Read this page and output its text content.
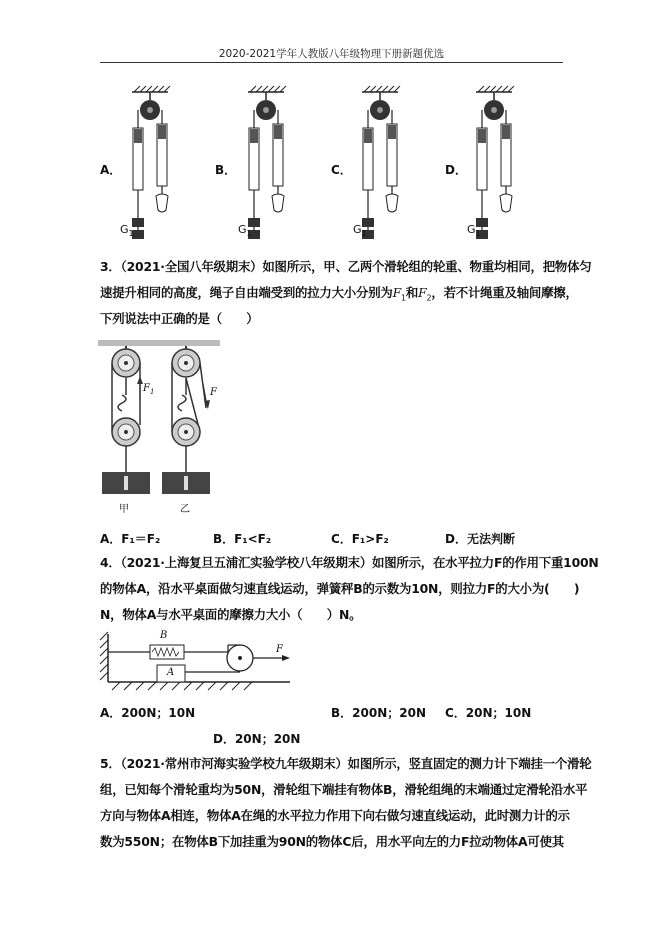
2020-2021学年人教版八年级物理下册新题优选
A．	B．	C．	D．
$G_1$	$G_1$	$G_1$	$G_1$
3．（2021·全国八年级期末）如图所示，甲、乙两个滑轮组的轮重、物重均相同，把物体匀
速提升相同的高度，绳子自由端受到的拉力大小分别为$F_1$和$F_2$，若不计绳重及轴间摩擦，
下列说法中正确的是（　　）
$F_1$	F
甲	乙
A．F₁＝F₂	B．F₁<F₂	C．F₁>F₂	D．无法判断
4．（2021·上海复旦五浦汇实验学校八年级期末）如图所示，在水平拉力F的作用下重100N
的物体A，沿水平桌面做匀速直线运动，弹簧秤B的示数为10N，则拉力F的大小为(　　)
N，物体A与水平桌面的摩擦力大小（　　）N。
B
A
F
A．200N；10N	B．200N；20N C．20N；10N
D．20N；20N
5．（2021·常州市河海实验学校九年级期末）如图所示，竖直固定的测力计下端挂一个滑轮
组，已知每个滑轮重均为50N，滑轮组下端挂有物体B，滑轮组绳的末端通过定滑轮沿水平
方向与物体A相连，物体A在绳的水平拉力作用下向右做匀速直线运动，此时测力计的示
数为550N；在物体B下加挂重为90N的物体C后，用水平向左的力F拉动物体A可使其
